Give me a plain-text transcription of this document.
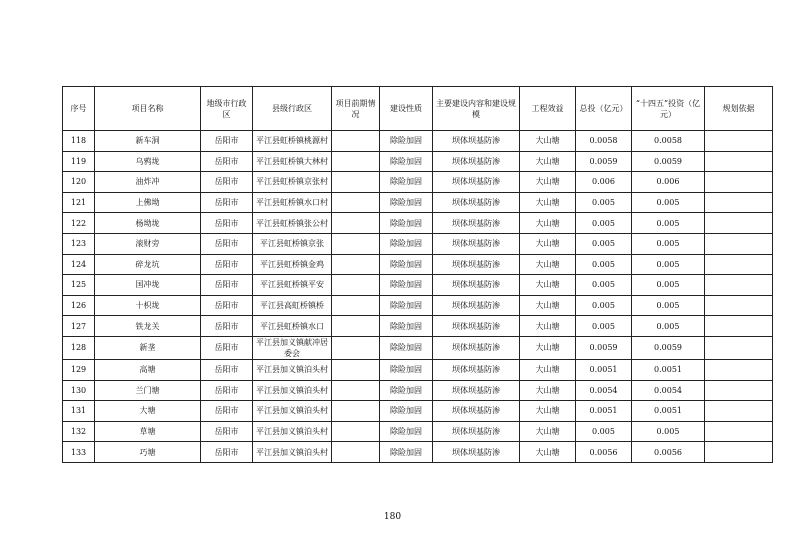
序号	项目名称	地级市行政区	县级行政区	项目前期情况	建设性质	主要建设内容和建设规模	工程效益	总投（亿元）	“十四五”投资（亿元）	规划依据
118	新车洞	岳阳市	平江县虹桥镇桃源村		除险加固	坝体坝基防渗	大山塘	0.0058	0.0058	
119	乌鸦垅	岳阳市	平江县虹桥镇大林村		除险加固	坝体坝基防渗	大山塘	0.0059	0.0059	
120	油炸冲	岳阳市	平江县虹桥镇京张村		除险加固	坝体坝基防渗	大山塘	0.006	0.006	
121	上佛坳	岳阳市	平江县虹桥镇水口村		除险加固	坝体坝基防渗	大山塘	0.005	0.005	
122	杨坳垅	岳阳市	平江县虹桥镇张公村		除险加固	坝体坝基防渗	大山塘	0.005	0.005	
123	滚财旁	岳阳市	平江县虹桥镇京张		除险加固	坝体坝基防渗	大山塘	0.005	0.005	
124	碎龙坑	岳阳市	平江县虹桥镇金鸡		除险加固	坝体坝基防渗	大山塘	0.005	0.005	
125	国冲垅	岳阳市	平江县虹桥镇平安		除险加固	坝体坝基防渗	大山塘	0.005	0.005	
126	十枳垅	岳阳市	平江县高虹桥镇桥		除险加固	坝体坝基防渗	大山塘	0.005	0.005	
127	铁龙关	岳阳市	平江县虹桥镇水口		除险加固	坝体坝基防渗	大山塘	0.005	0.005	
128	新垄	岳阳市	平江县加义镇献冲居委会		除险加固	坝体坝基防渗	大山塘	0.0059	0.0059	
129	高塘	岳阳市	平江县加义镇泊头村		除险加固	坝体坝基防渗	大山塘	0.0051	0.0051	
130	兰门塘	岳阳市	平江县加义镇泊头村		除险加固	坝体坝基防渗	大山塘	0.0054	0.0054	
131	大塘	岳阳市	平江县加义镇泊头村		除险加固	坝体坝基防渗	大山塘	0.0051	0.0051	
132	草塘	岳阳市	平江县加义镇泊头村		除险加固	坝体坝基防渗	大山塘	0.005	0.005	
133	巧塘	岳阳市	平江县加义镇泊头村		除险加固	坝体坝基防渗	大山塘	0.0056	0.0056	
180
